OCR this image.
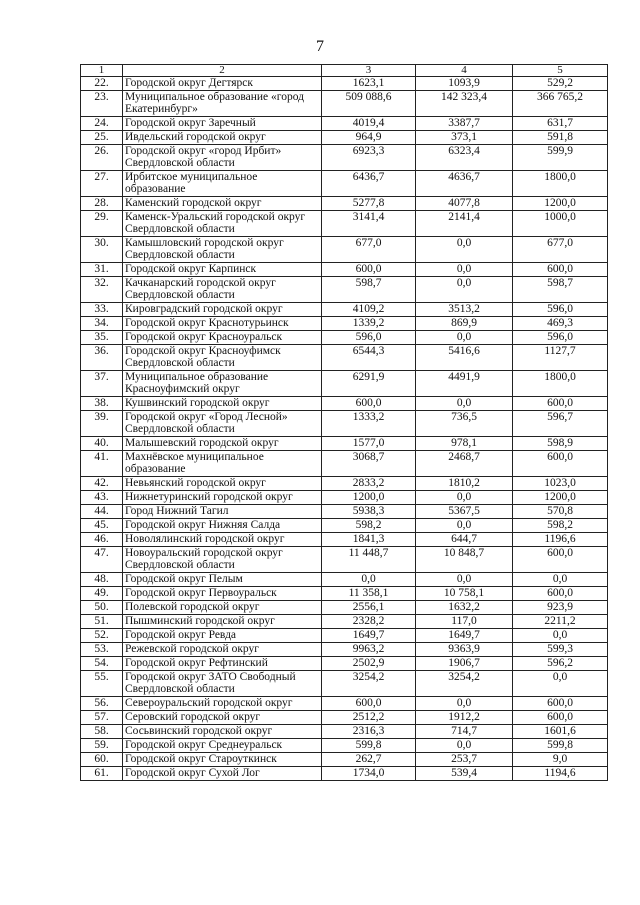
7
1	2	3	4	5
22.	Городской округ Дегтярск	1623,1	1093,9	529,2
23.	Муниципальное образование «город Екатеринбург»	509 088,6	142 323,4	366 765,2
24.	Городской округ Заречный	4019,4	3387,7	631,7
25.	Ивдельский городской округ	964,9	373,1	591,8
26.	Городской округ «город Ирбит» Свердловской области	6923,3	6323,4	599,9
27.	Ирбитское муниципальное образование	6436,7	4636,7	1800,0
28.	Каменский городской округ	5277,8	4077,8	1200,0
29.	Каменск-Уральский городской округ Свердловской области	3141,4	2141,4	1000,0
30.	Камышловский городской округ Свердловской области	677,0	0,0	677,0
31.	Городской округ Карпинск	600,0	0,0	600,0
32.	Качканарский городской округ Свердловской области	598,7	0,0	598,7
33.	Кировградский городской округ	4109,2	3513,2	596,0
34.	Городской округ Краснотурьинск	1339,2	869,9	469,3
35.	Городской округ Красноуральск	596,0	0,0	596,0
36.	Городской округ Красноуфимск Свердловской области	6544,3	5416,6	1127,7
37.	Муниципальное образование Красноуфимский округ	6291,9	4491,9	1800,0
38.	Кушвинский городской округ	600,0	0,0	600,0
39.	Городской округ «Город Лесной» Свердловской области	1333,2	736,5	596,7
40.	Малышевский городской округ	1577,0	978,1	598,9
41.	Махнёвское муниципальное образование	3068,7	2468,7	600,0
42.	Невьянский городской округ	2833,2	1810,2	1023,0
43.	Нижнетуринский городской округ	1200,0	0,0	1200,0
44.	Город Нижний Тагил	5938,3	5367,5	570,8
45.	Городской округ Нижняя Салда	598,2	0,0	598,2
46.	Новолялинский городской округ	1841,3	644,7	1196,6
47.	Новоуральский городской округ Свердловской области	11 448,7	10 848,7	600,0
48.	Городской округ Пелым	0,0	0,0	0,0
49.	Городской округ Первоуральск	11 358,1	10 758,1	600,0
50.	Полевской городской округ	2556,1	1632,2	923,9
51.	Пышминский городской округ	2328,2	117,0	2211,2
52.	Городской округ Ревда	1649,7	1649,7	0,0
53.	Режевской городской округ	9963,2	9363,9	599,3
54.	Городской округ Рефтинский	2502,9	1906,7	596,2
55.	Городской округ ЗАТО Свободный Свердловской области	3254,2	3254,2	0,0
56.	Североуральский городской округ	600,0	0,0	600,0
57.	Серовский городской округ	2512,2	1912,2	600,0
58.	Сосьвинский городской округ	2316,3	714,7	1601,6
59.	Городской округ Среднеуральск	599,8	0,0	599,8
60.	Городской округ Староуткинск	262,7	253,7	9,0
61.	Городской округ Сухой Лог	1734,0	539,4	1194,6
